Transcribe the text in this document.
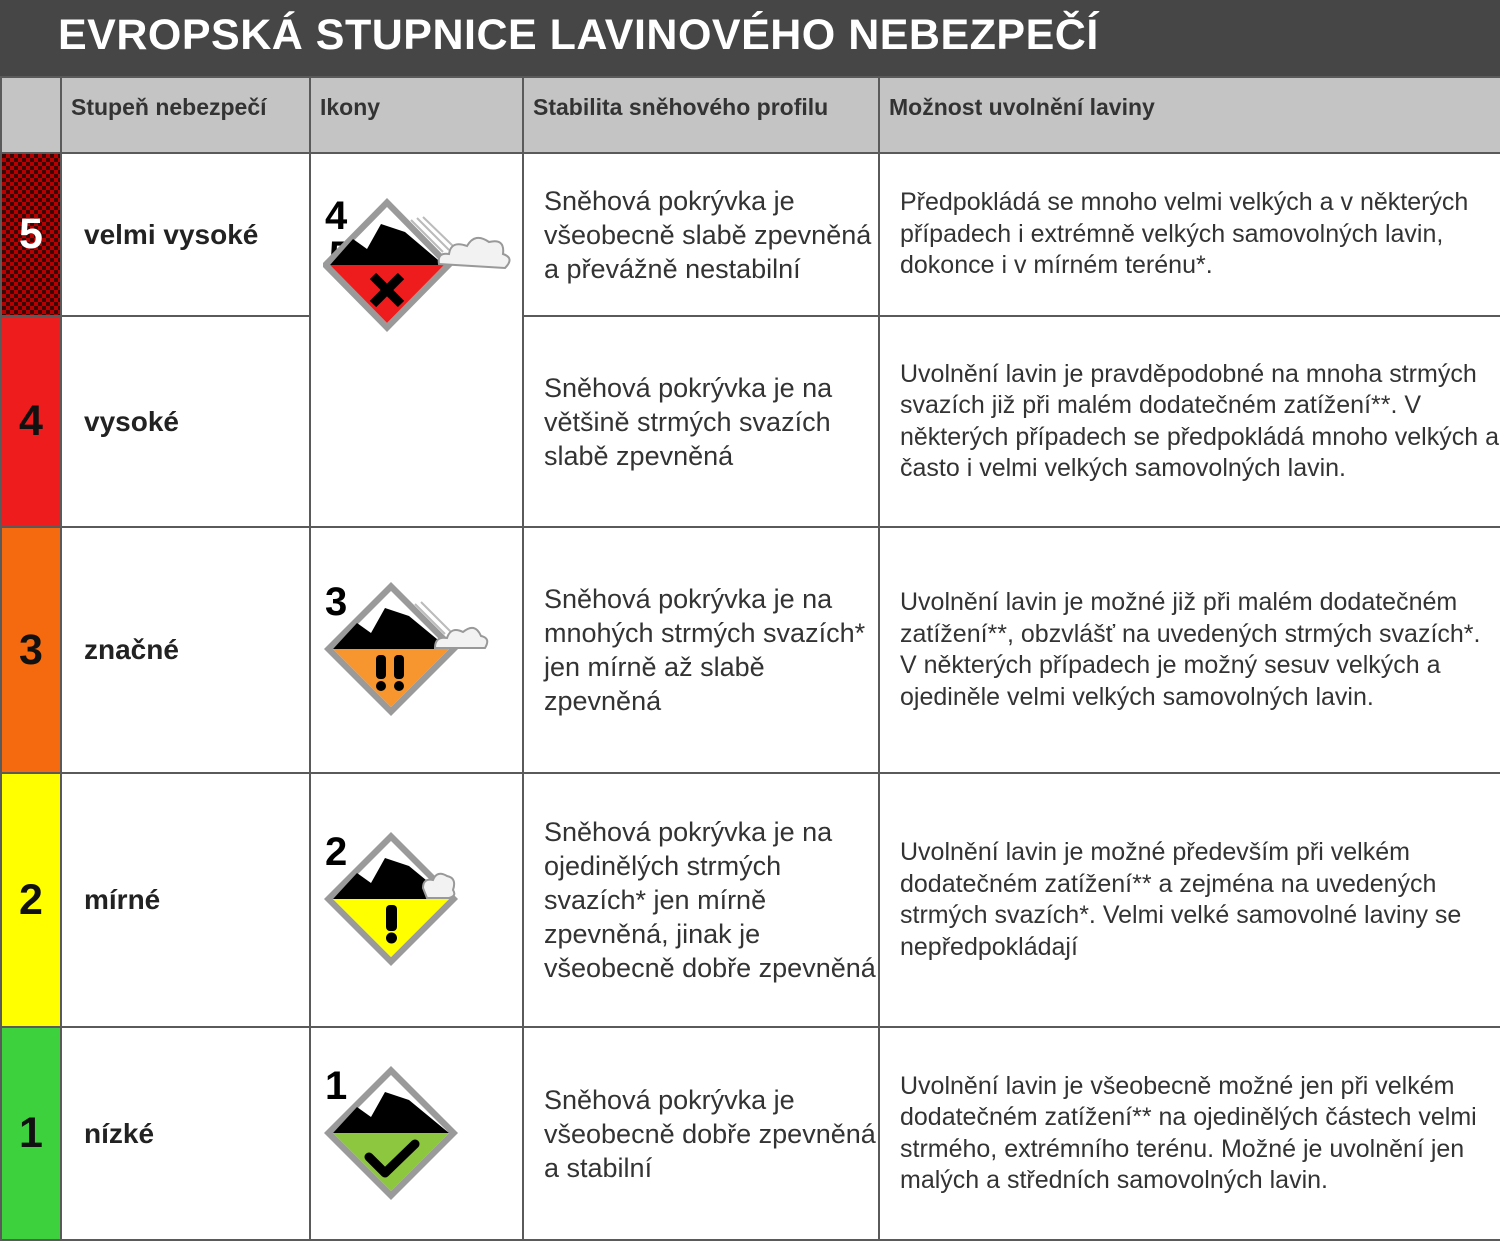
EVROPSKÁ STUPNICE LAVINOVÉHO NEBEZPEČÍ

	Stupeň nebezpečí	Ikony	Stabilita sněhového profilu	Možnost uvolnění laviny

5	velmi vysoké	4	Sněhová pokrývka je všeobecně slabě zpevněná a převážně nestabilní	Předpokládá se mnoho velmi velkých a v některých případech i extrémně velkých samovolných lavin, dokonce i v mírném terénu*.
4	vysoké		Sněhová pokrývka je na většině strmých svazích slabě zpevněná	Uvolnění lavin je pravděpodobné na mnoha strmých svazích již při malém dodatečném zatížení**. V některých případech se předpokládá mnoho velkých a často i velmi velkých samovolných lavin.
3	značné	3	Sněhová pokrývka je na mnohých strmých svazích* jen mírně až slabě zpevněná	Uvolnění lavin je možné již při malém dodatečném zatížení**, obzvlášť na uvedených strmých svazích*. V některých případech je možný sesuv velkých a ojediněle velmi velkých samovolných lavin.
2	mírné	2	Sněhová pokrývka je na ojedinělých strmých svazích* jen mírně zpevněná, jinak je všeobecně dobře zpevněná	Uvolnění lavin je možné především při velkém dodatečném zatížení** a zejména na uvedených strmých svazích*. Velmi velké samovolné laviny se nepředpokládají
1	nízké	1	Sněhová pokrývka je všeobecně dobře zpevněná a stabilní	Uvolnění lavin je všeobecně možné jen při velkém dodatečném zatížení** na ojedinělých částech velmi strmého, extrémního terénu. Možné je uvolnění jen malých a středních samovolných lavin.
